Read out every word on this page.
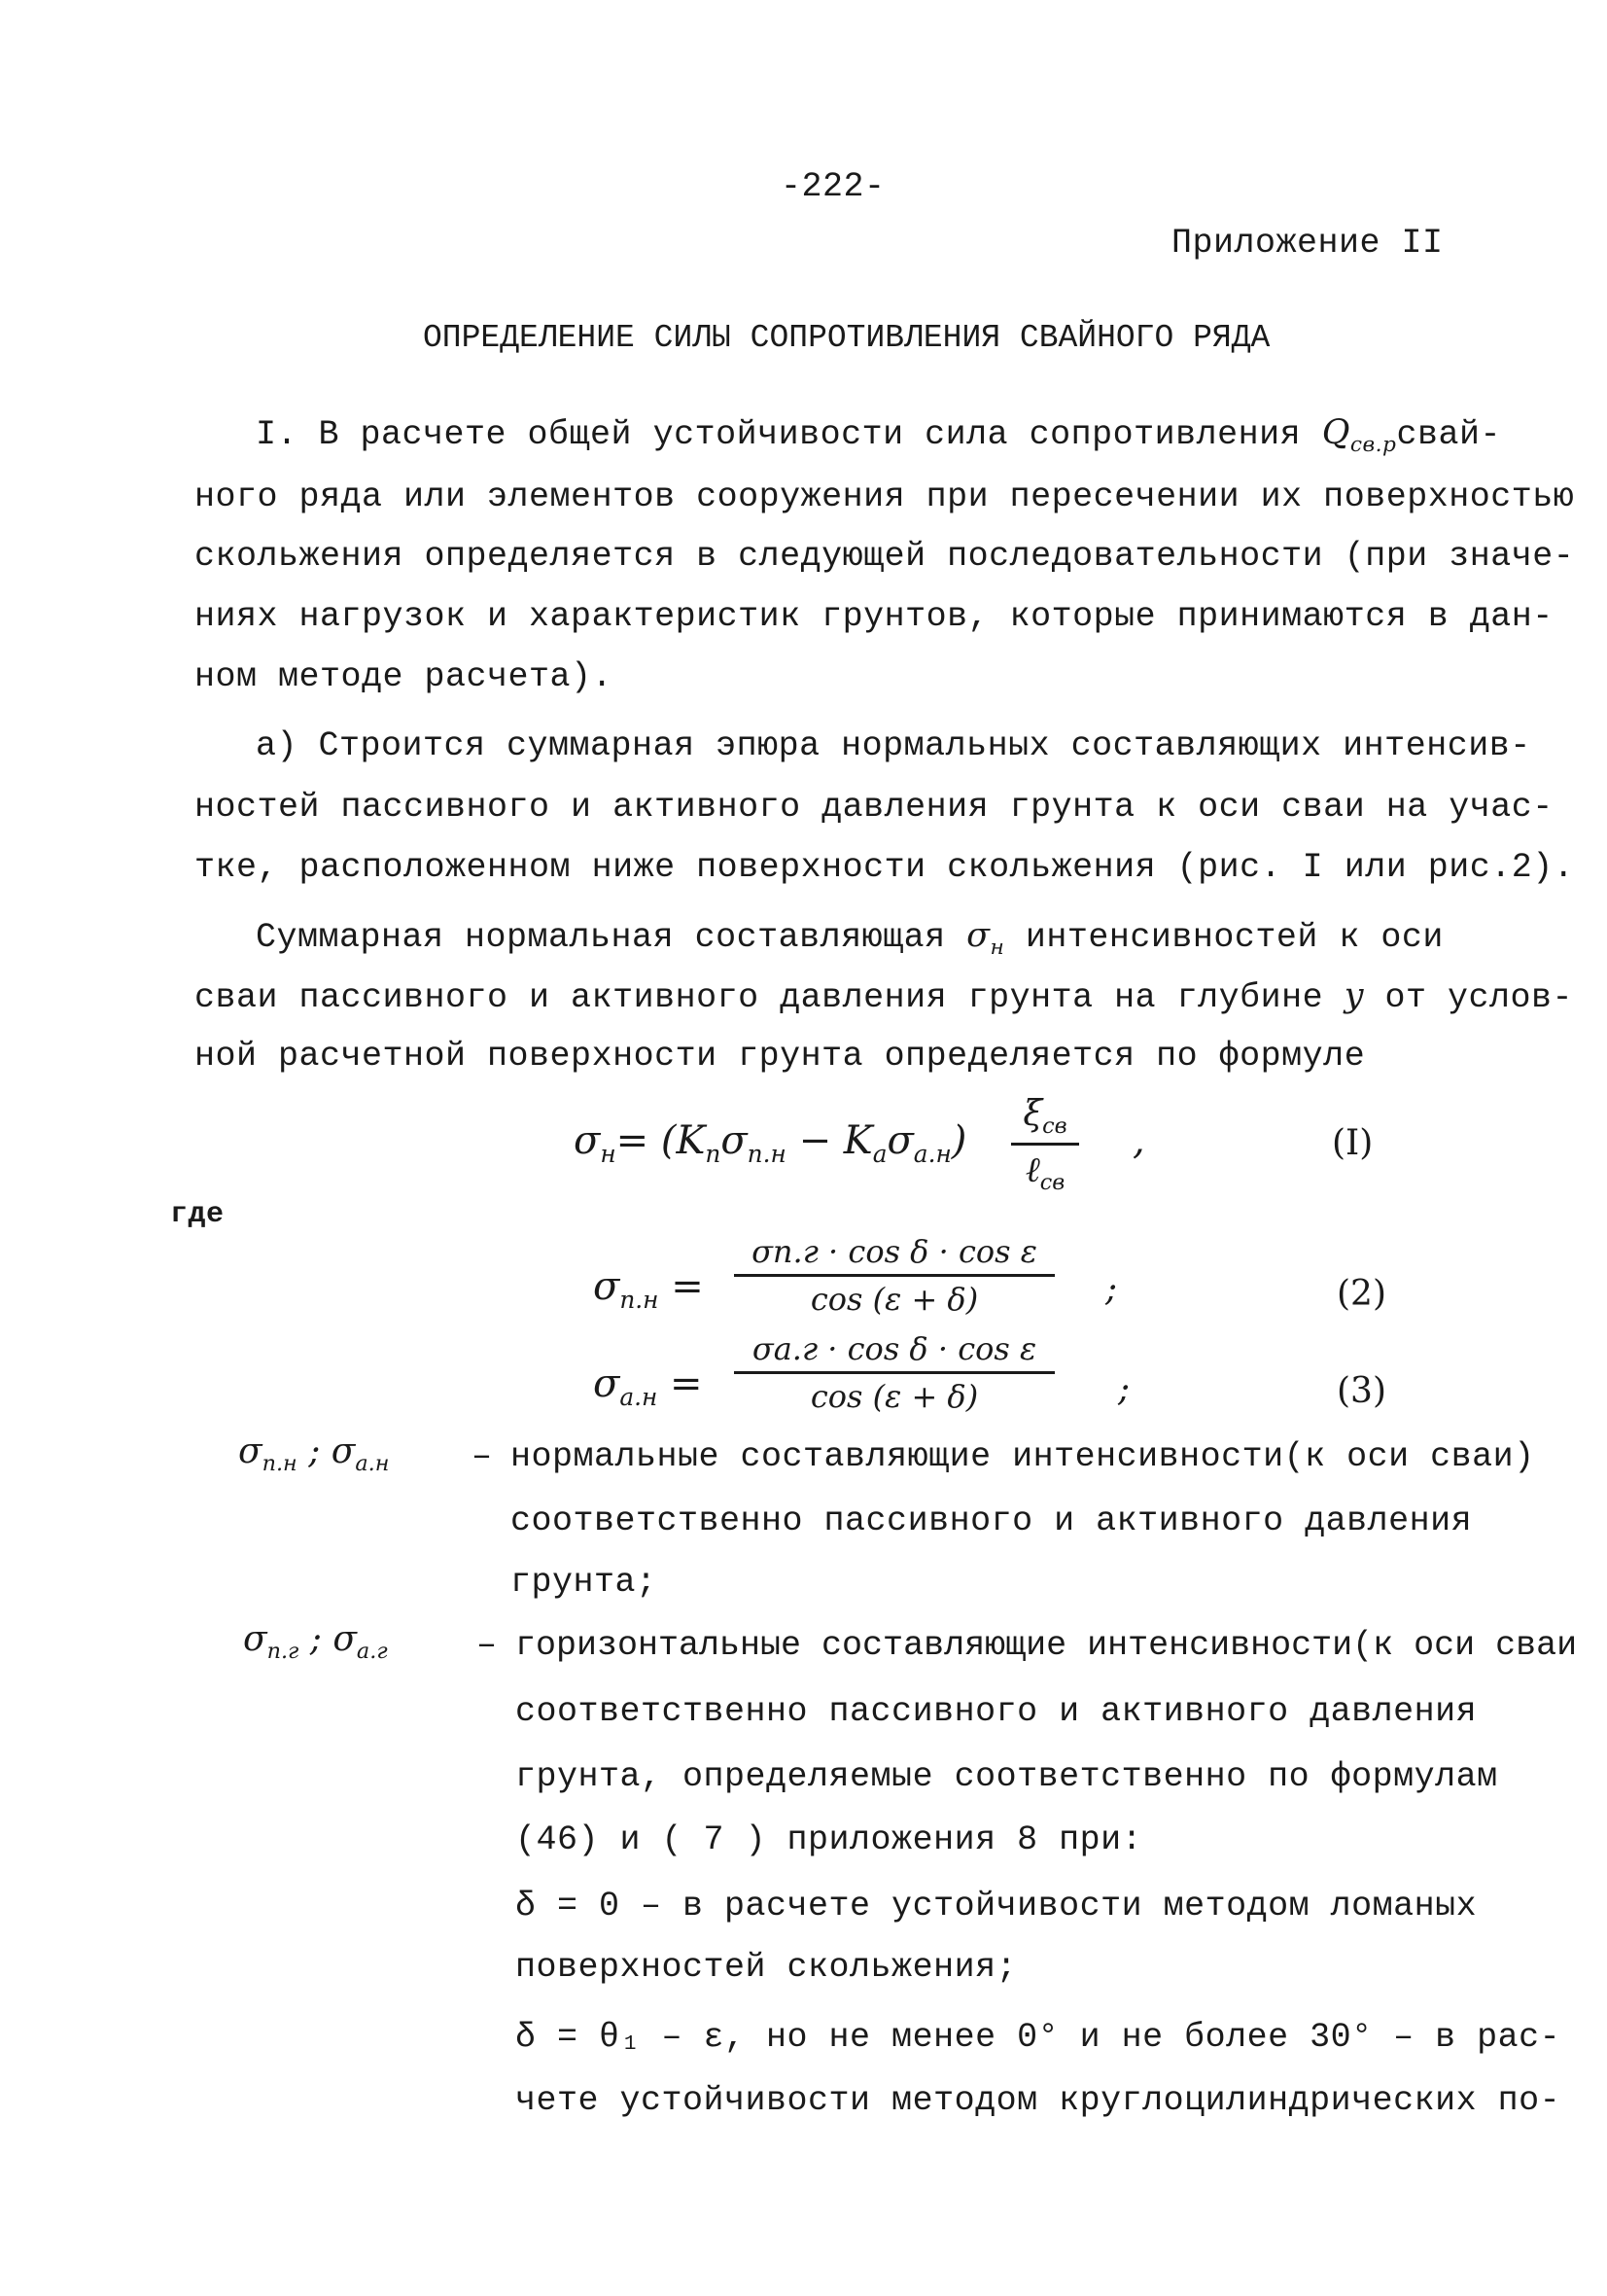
-222-
Приложение II
ОПРЕДЕЛЕНИЕ СИЛЫ СОПРОТИВЛЕНИЯ СВАЙНОГО РЯДА
I. В расчете общей устойчивости сила сопротивления $Q_{св.р}свай-$
ного ряда или элементов сооружения при пересечении их поверхностью
скольжения определяется в следующей последовательности (при значе-
ниях нагрузок и характеристик грунтов, которые принимаются в дан-
ном методе расчета).
а) Строится суммарная эпюра нормальных составляющих интенсив-
ностей пассивного и активного давления грунта к оси сваи на учас-
тке, расположенном ниже поверхности скольжения (рис. I или рис.2).
Суммарная нормальная составляющая $\sigma_н$ интенсивностей к оси
сваи пассивного и активного давления грунта на глубине y от услов-
ной расчетной поверхности грунта определяется по формуле
$\sigma_н= (K_п\sigma_{п.н} - K_а\sigma_{а.н})$
$\xi_{св}$
ℓ$_{св}$
,	(I)
где
$\sigma_{п.н}$ =
σп.г · cos δ · cos ε
cos (ε + δ)	;	(2)
$\sigma_{а.н}$ =
σа.г · cos δ · cos ε
cos (ε + δ)	;	(3)
$\sigma_{п.н}$ ; $\sigma_{а.н}$ – нормальные составляющие интенсивности(к оси сваи)
соответственно пассивного и активного давления
грунта;
$\sigma_{п.г}$ ; $\sigma_{а.г}$	– горизонтальные составляющие интенсивности(к оси сваи
соответственно пассивного и активного давления
грунта, определяемые соответственно по формулам
(46) и ( 7 ) приложения 8 при:
δ = 0 – в расчете устойчивости методом ломаных
поверхностей скольжения;
δ = θ₁ – ε, но не менее 0° и не более 30° – в рас-
чете устойчивости методом круглоцилиндрических по-
